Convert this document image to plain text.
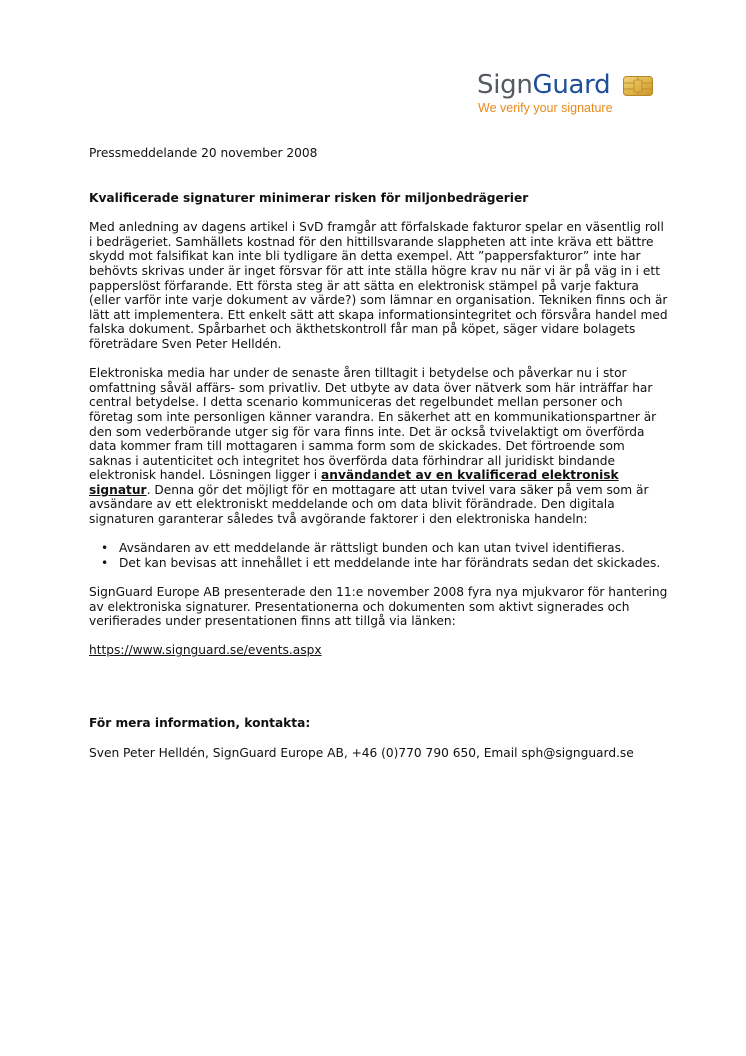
SignGuard
We verify your signature

Pressmeddelande 20 november 2008

Kvalificerade signaturer minimerar risken för miljonbedrägerier

Med anledning av dagens artikel i SvD framgår att förfalskade fakturor spelar en väsentlig roll i bedrägeriet. Samhällets kostnad för den hittillsvarande slappheten att inte kräva ett bättre skydd mot falsifikat kan inte bli tydligare än detta exempel. Att ”pappersfakturor” inte har behövts skrivas under är inget försvar för att inte ställa högre krav nu när vi är på väg in i ett papperslöst förfarande. Ett första steg är att sätta en elektronisk stämpel på varje faktura (eller varför inte varje dokument av värde?) som lämnar en organisation. Tekniken finns och är lätt att implementera. Ett enkelt sätt att skapa informationsintegritet och försvåra handel med falska dokument. Spårbarhet och äkthetskontroll får man på köpet, säger vidare bolagets företrädare Sven Peter Helldén.

Elektroniska media har under de senaste åren tilltagit i betydelse och påverkar nu i stor omfattning såväl affärs- som privatliv. Det utbyte av data över nätverk som här inträffar har central betydelse. I detta scenario kommuniceras det regelbundet mellan personer och företag som inte personligen känner varandra. En säkerhet att en kommunikationspartner är den som vederbörande utger sig för vara finns inte. Det är också tvivelaktigt om överförda data kommer fram till mottagaren i samma form som de skickades. Det förtroende som saknas i autenticitet och integritet hos överförda data förhindrar all juridiskt bindande elektronisk handel. Lösningen ligger i användandet av en kvalificerad elektronisk signatur. Denna gör det möjligt för en mottagare att utan tvivel vara säker på vem som är avsändare av ett elektroniskt meddelande och om data blivit förändrade. Den digitala signaturen garanterar således två avgörande faktorer i den elektroniska handeln:

• Avsändaren av ett meddelande är rättsligt bunden och kan utan tvivel identifieras.
• Det kan bevisas att innehållet i ett meddelande inte har förändrats sedan det skickades.

SignGuard Europe AB presenterade den 11:e november 2008 fyra nya mjukvaror för hantering av elektroniska signaturer. Presentationerna och dokumenten som aktivt signerades och verifierades under presentationen finns att tillgå via länken:

https://www.signguard.se/events.aspx

För mera information, kontakta:

Sven Peter Helldén, SignGuard Europe AB, +46 (0)770 790 650, Email sph@signguard.se
